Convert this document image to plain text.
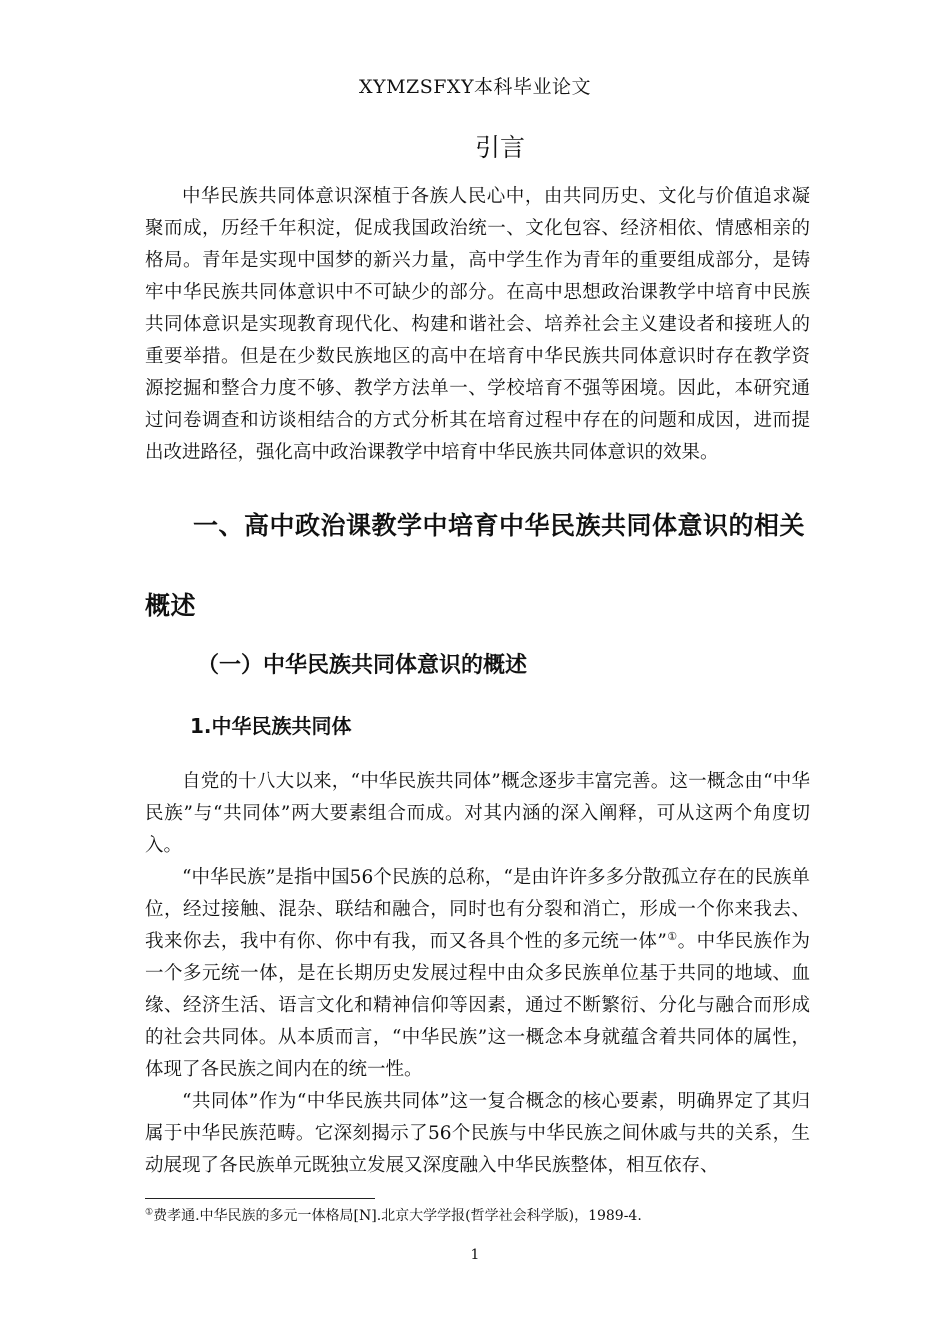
XYMZSFXY本科毕业论文
引言

中华民族共同体意识深植于各族人民心中，由共同历史、文化与价值追求凝聚而成，历经千年积淀，促成我国政治统一、文化包容、经济相依、情感相亲的格局。青年是实现中国梦的新兴力量，高中学生作为青年的重要组成部分，是铸牢中华民族共同体意识中不可缺少的部分。在高中思想政治课教学中培育中民族共同体意识是实现教育现代化、构建和谐社会、培养社会主义建设者和接班人的重要举措。但是在少数民族地区的高中在培育中华民族共同体意识时存在教学资源挖掘和整合力度不够、教学方法单一、学校培育不强等困境。因此，本研究通过问卷调查和访谈相结合的方式分析其在培育过程中存在的问题和成因，进而提出改进路径，强化高中政治课教学中培育中华民族共同体意识的效果。

一、高中政治课教学中培育中华民族共同体意识的相关概述
（一）中华民族共同体意识的概述
1.中华民族共同体

自党的十八大以来，“中华民族共同体”概念逐步丰富完善。这一概念由“中华民族”与“共同体”两大要素组合而成。对其内涵的深入阐释，可从这两个角度切入。

“中华民族”是指中国56个民族的总称，“是由许许多多分散孤立存在的民族单位，经过接触、混杂、联结和融合，同时也有分裂和消亡，形成一个你来我去、我来你去，我中有你、你中有我，而又各具个性的多元统一体”①。中华民族作为一个多元统一体，是在长期历史发展过程中由众多民族单位基于共同的地域、血缘、经济生活、语言文化和精神信仰等因素，通过不断繁衍、分化与融合而形成的社会共同体。从本质而言，“中华民族”这一概念本身就蕴含着共同体的属性，体现了各民族之间内在的统一性。

“共同体”作为“中华民族共同体”这一复合概念的核心要素，明确界定了其归属于中华民族范畴。它深刻揭示了56个民族与中华民族之间休戚与共的关系，生动展现了各民族单元既独立发展又深度融入中华民族整体，相互依存、

①费孝通.中华民族的多元一体格局[N].北京大学学报(哲学社会科学版)，1989-4.

1
